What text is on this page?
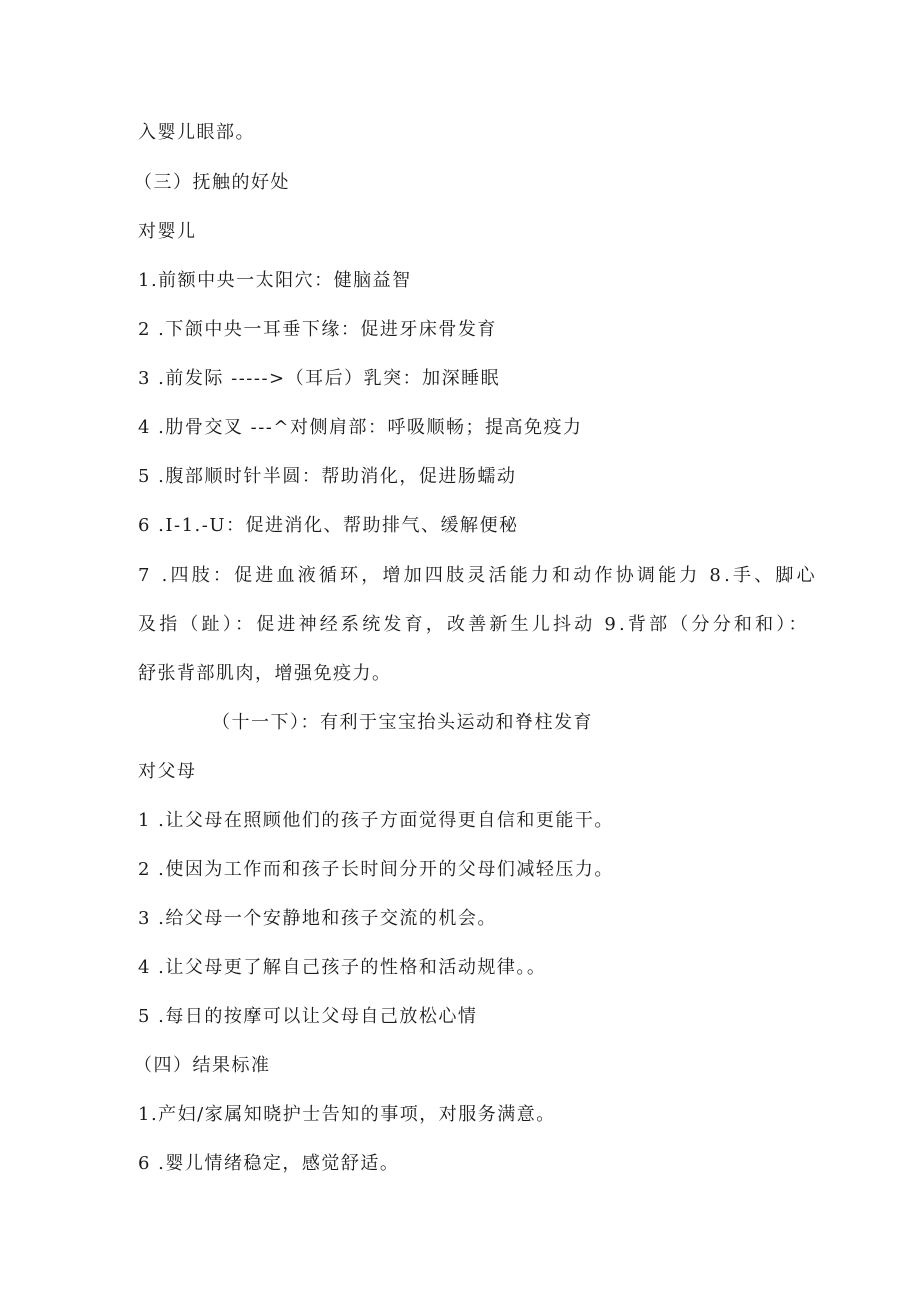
入婴儿眼部。
（三）抚触的好处
对婴儿
1.前额中央一太阳穴：健脑益智
2 .下颌中央一耳垂下缘：促进牙床骨发育
3 .前发际 ----->（耳后）乳突：加深睡眠
4 .肋骨交叉 ---^对侧肩部：呼吸顺畅；提高免疫力
5 .腹部顺时针半圆：帮助消化，促进肠蠕动
6 .I-1.-U：促进消化、帮助排气、缓解便秘
7 .四肢：促进血液循环，增加四肢灵活能力和动作协调能力 8.手、脚心
及指（趾）：促进神经系统发育，改善新生儿抖动 9.背部（分分和和）：
舒张背部肌肉，增强免疫力。
（十一下）：有利于宝宝抬头运动和脊柱发育
对父母
1 .让父母在照顾他们的孩子方面觉得更自信和更能干。
2 .使因为工作而和孩子长时间分开的父母们减轻压力。
3 .给父母一个安静地和孩子交流的机会。
4 .让父母更了解自己孩子的性格和活动规律。。
5 .每日的按摩可以让父母自己放松心情
（四）结果标准
1.产妇/家属知晓护士告知的事项，对服务满意。
6 .婴儿情绪稳定，感觉舒适。
